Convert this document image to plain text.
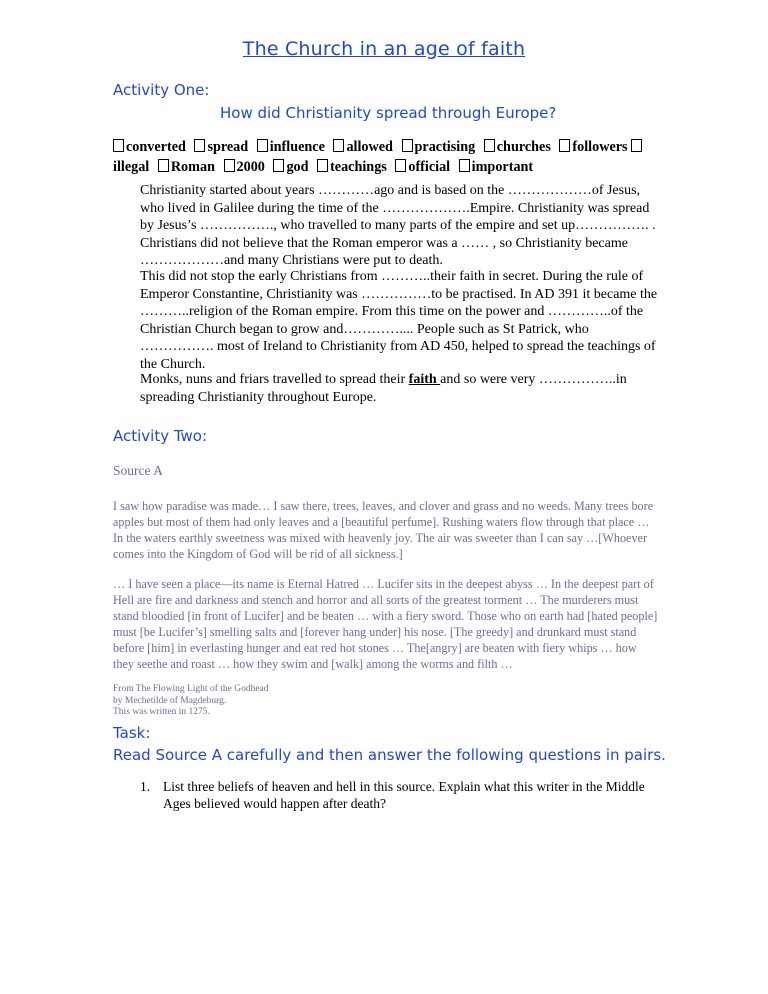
The Church in an age of faith
Activity One:
How did Christianity spread through Europe?
converted spread influence allowed practising churches followers
illegal Roman 2000 god teachings official important
Christianity started about years …………ago and is based on the ………………of Jesus, who lived in Galilee during the time of the ……………….Empire. Christianity was spread by Jesus’s ……………., who travelled to many parts of the empire and set up……………. . Christians did not believe that the Roman emperor was a …… , so Christianity became ………………and many Christians were put to death.
This did not stop the early Christians from ………..their faith in secret. During the rule of Emperor Constantine, Christianity was ……………to be practised. In AD 391 it became the ………..religion of the Roman empire. From this time on the power and …………..of the Christian Church began to grow and………….... People such as St Patrick, who ……………. most of Ireland to Christianity from AD 450, helped to spread the teachings of the Church.
Monks, nuns and friars travelled to spread their faith and so were very ……………..in spreading Christianity throughout Europe.
Activity Two:
Source A
I saw how paradise was made… I saw there, trees, leaves, and clover and grass and no weeds. Many trees bore apples but most of them had only leaves and a [beautiful perfume]. Rushing waters flow through that place …In the waters earthly sweetness was mixed with heavenly joy. The air was sweeter than I can say …[Whoever comes into the Kingdom of God will be rid of all sickness.]
… I have seen a place—its name is Eternal Hatred … Lucifer sits in the deepest abyss … In the deepest part of Hell are fire and darkness and stench and horror and all sorts of the greatest torment … The murderers must stand bloodied [in front of Lucifer] and be beaten … with a fiery sword. Those who on earth had [hated people] must [be Lucifer’s] smelling salts and [forever hang under] his nose. [The greedy] and drunkard must stand before [him] in everlasting hunger and eat red hot stones … The[angry] are beaten with fiery whips … how they seethe and roast … how they swim and [walk] among the worms and filth …
From The Flowing Light of the Godhead
by Mechetilde of Magdeburg.
This was written in 1275.
Task:
Read Source A carefully and then answer the following questions in pairs.
1. List three beliefs of heaven and hell in this source. Explain what this writer in the Middle Ages believed would happen after death?
